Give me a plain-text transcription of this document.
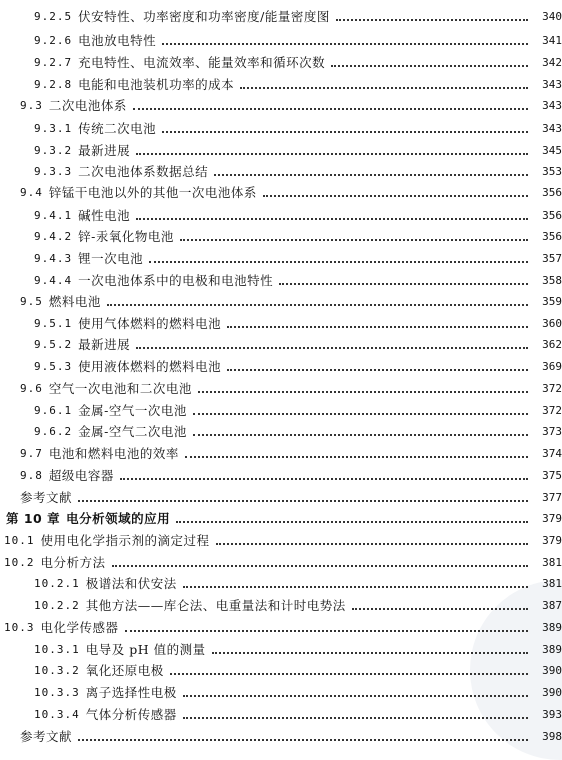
9.2.5 伏安特性、功率密度和功率密度/能量密度图	340
9.2.6 电池放电特性	341
9.2.7 充电特性、电流效率、能量效率和循环次数	342
9.2.8 电能和电池装机功率的成本	343
9.3 二次电池体系	343
9.3.1 传统二次电池	343
9.3.2 最新进展	345
9.3.3 二次电池体系数据总结	353
9.4 锌锰干电池以外的其他一次电池体系	356
9.4.1 碱性电池	356
9.4.2 锌-汞氧化物电池	356
9.4.3 锂一次电池	357
9.4.4 一次电池体系中的电极和电池特性	358
9.5 燃料电池	359
9.5.1 使用气体燃料的燃料电池	360
9.5.2 最新进展	362
9.5.3 使用液体燃料的燃料电池	369
9.6 空气一次电池和二次电池	372
9.6.1 金属-空气一次电池	372
9.6.2 金属-空气二次电池	373
9.7 电池和燃料电池的效率	374
9.8 超级电容器	375
参考文献	377
第 10 章 电分析领域的应用	379
10.1 使用电化学指示剂的滴定过程	379
10.2 电分析方法	381
10.2.1 极谱法和伏安法	381
10.2.2 其他方法——库仑法、电重量法和计时电势法	387
10.3 电化学传感器	389
10.3.1 电导及 pH 值的测量	389
10.3.2 氧化还原电极	390
10.3.3 离子选择性电极	390
10.3.4 气体分析传感器	393
参考文献	398
